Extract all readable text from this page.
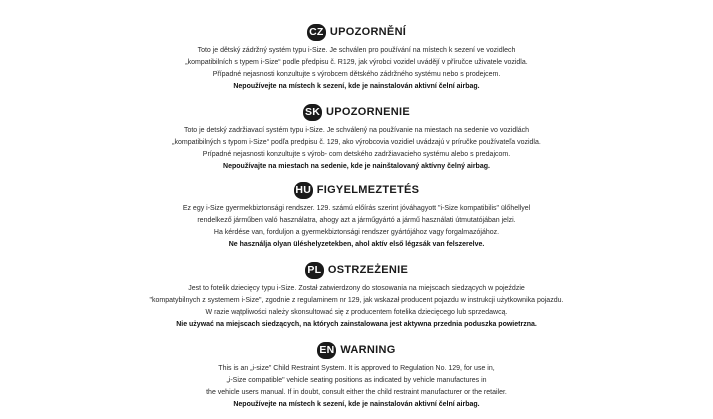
CZ UPOZORNĚNÍ
Toto je dětský zádržný systém typu i-Size. Je schválen pro používání na místech k sezení ve vozidlech
„kompatibilních s typem i-Size“ podle předpisu č. R129, jak výrobci vozidel uvádějí v příručce uživatele vozidla.
Případné nejasnosti konzultujte s výrobcem dětského zádržného systému nebo s prodejcem.
Nepoužívejte na místech k sezení, kde je nainstalován aktivní čelní airbag.
SK UPOZORNENIE
Toto je detský zadržiavací systém typu i-Size. Je schválený na používanie na miestach na sedenie vo vozidlách
„kompatibilných s typom i-Size“ podľa predpisu č. 129, ako výrobcovia vozidiel uvádzajú v príručke používateľa vozidla.
Prípadné nejasnosti konzultujte s výrob- com detského zadržiavacieho systému alebo s predajcom.
Nepoužívajte na miestach na sedenie, kde je nainštalovaný aktívny čelný airbag.
HU FIGYELMEZTETÉS
Ez egy i-Size gyermekbiztonsági rendszer. 129. számú előírás szerint jóváhagyott "i-Size kompatibilis" ülőhellyel
rendelkező járműben való használatra, ahogy azt a járműgyártó a jármű használati útmutatójában jelzi.
Ha kérdése van, forduljon a gyermekbiztonsági rendszer gyártójához vagy forgalmazójához.
Ne használja olyan üléshelyzetekben, ahol aktív első légzsák van felszerelve.
PL OSTRZEŻENIE
Jest to fotelik dziecięcy typu i-Size. Został zatwierdzony do stosowania na miejscach siedzących w pojeździe
"kompatybilnych z systemem i-Size", zgodnie z regulaminem nr 129, jak wskazał producent pojazdu w instrukcji użytkownika pojazdu.
W razie wątpliwości należy skonsultować się z producentem fotelika dziecięcego lub sprzedawcą.
Nie używać na miejscach siedzących, na których zainstalowana jest aktywna przednia poduszka powietrzna.
EN WARNING
This is an „i-size" Child Restraint System. It is approved to Regulation No. 129, for use in,
„i-Size compatible" vehicle seating positions as indicated by vehicle manufactures in
the vehicle users manual. If in doubt, consult either the child restraint manufacturer or the retailer.
Nepoužívejte na místech k sezení, kde je nainstalován aktivní čelní airbag.
